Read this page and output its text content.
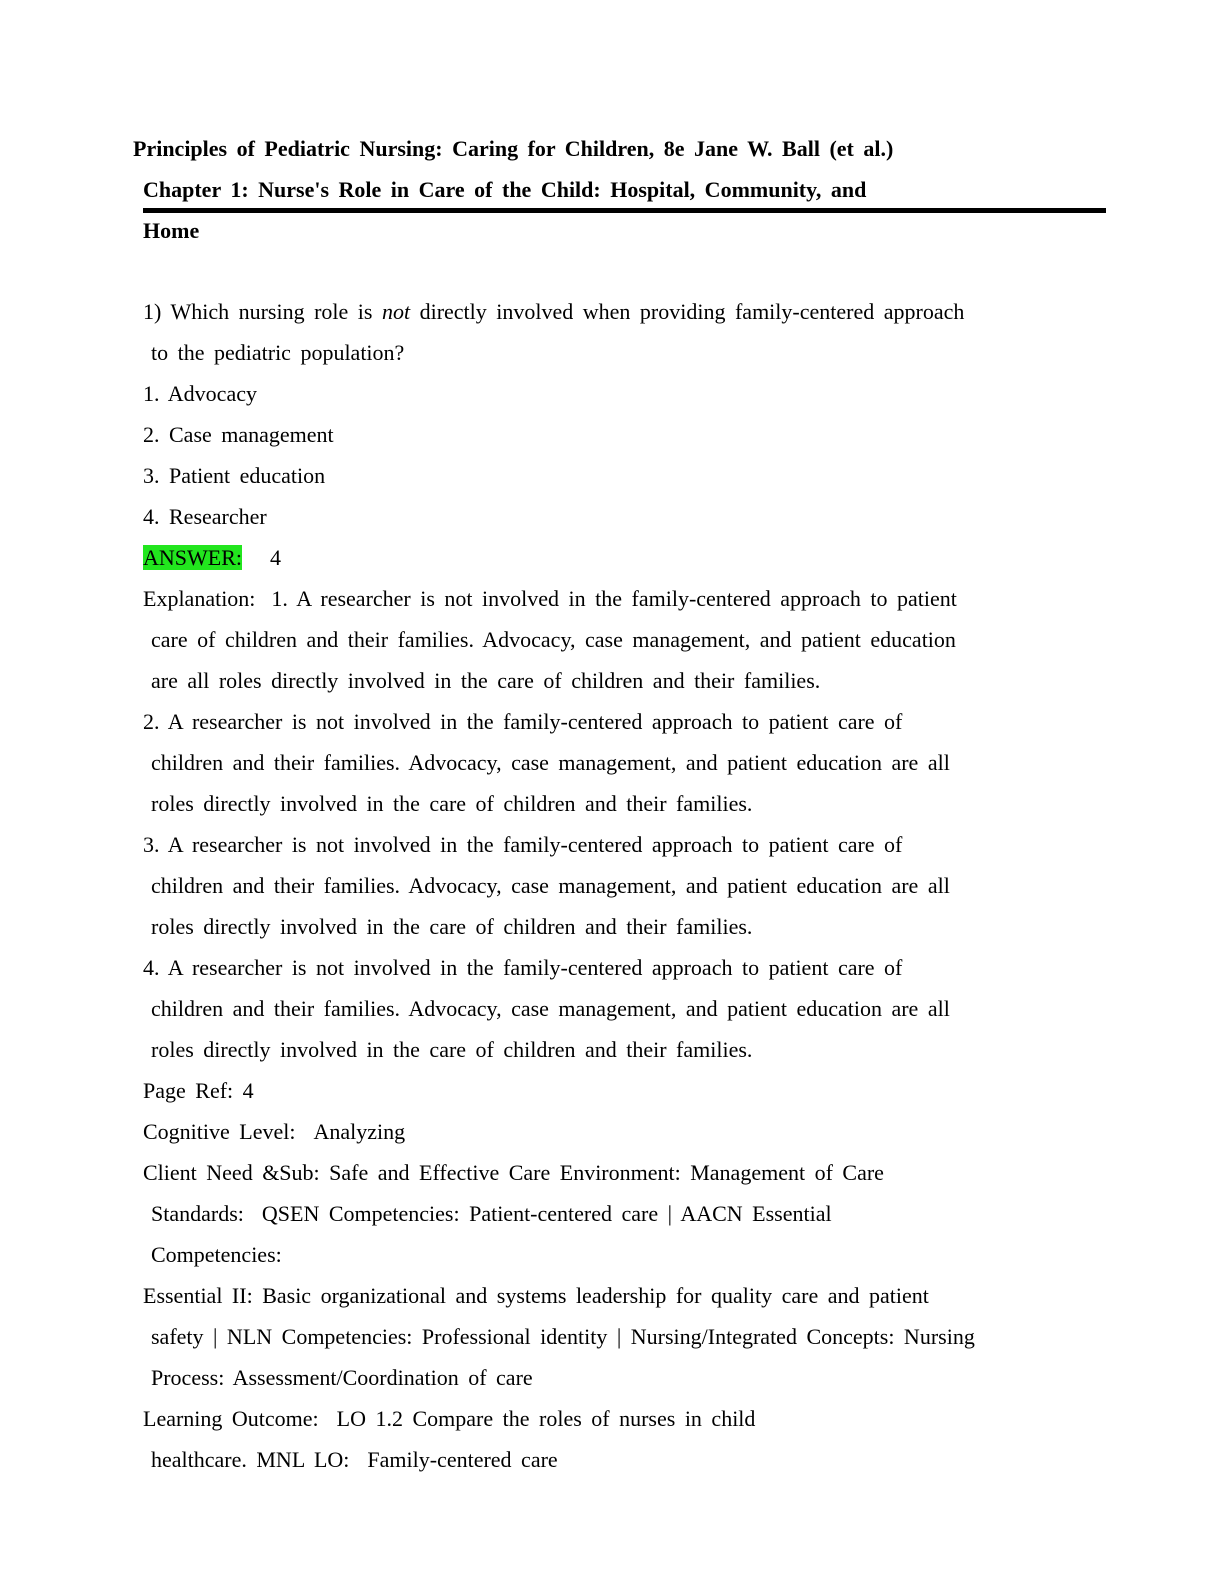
Principles of Pediatric Nursing: Caring for Children, 8e Jane W. Ball (et al.)
Chapter 1: Nurse's Role in Care of the Child: Hospital, Community, and
Home
1) Which nursing role is not directly involved when providing family-centered approach
to the pediatric population?
1. Advocacy
2. Case management
3. Patient education
4. Researcher
ANSWER: 4
Explanation: 1. A researcher is not involved in the family-centered approach to patient
care of children and their families. Advocacy, case management, and patient education
are all roles directly involved in the care of children and their families.
2. A researcher is not involved in the family-centered approach to patient care of
children and their families. Advocacy, case management, and patient education are all
roles directly involved in the care of children and their families.
3. A researcher is not involved in the family-centered approach to patient care of
children and their families. Advocacy, case management, and patient education are all
roles directly involved in the care of children and their families.
4. A researcher is not involved in the family-centered approach to patient care of
children and their families. Advocacy, case management, and patient education are all
roles directly involved in the care of children and their families.
Page Ref: 4
Cognitive Level: Analyzing
Client Need &Sub: Safe and Effective Care Environment: Management of Care
Standards: QSEN Competencies: Patient-centered care | AACN Essential
Competencies:
Essential II: Basic organizational and systems leadership for quality care and patient
safety | NLN Competencies: Professional identity | Nursing/Integrated Concepts: Nursing
Process: Assessment/Coordination of care
Learning Outcome: LO 1.2 Compare the roles of nurses in child
healthcare. MNL LO: Family-centered care
